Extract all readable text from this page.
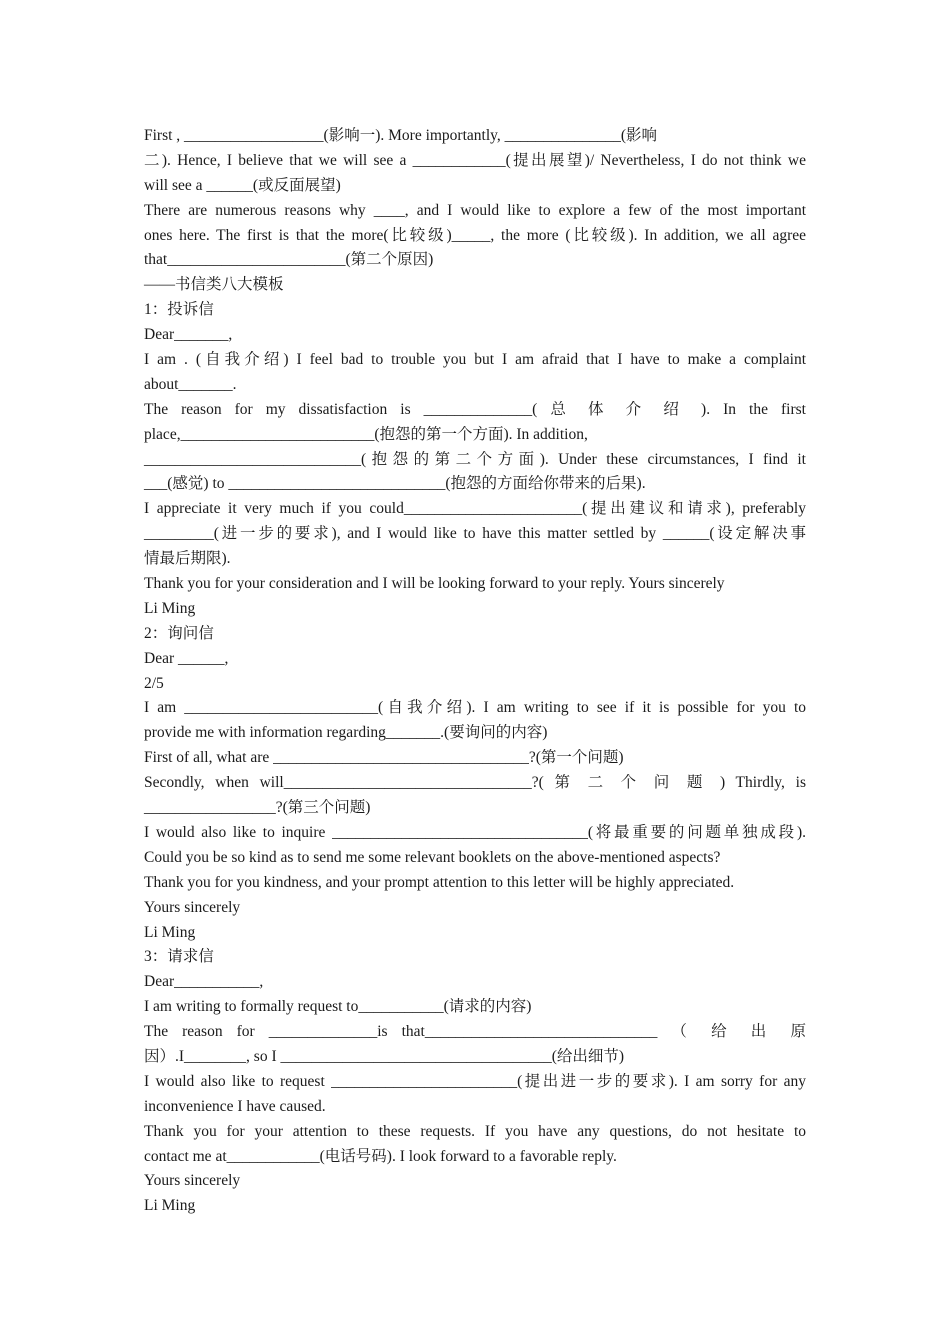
First , __________________(影响一). More importantly, _______________(影响
二). Hence, I believe that we will see a ____________(提出展望)/ Nevertheless, I do not think we
will see a ______(或反面展望)
There are numerous reasons why ____, and I would like to explore a few of the most important
ones here. The first is that the more(比较级)_____, the more (比较级). In addition, we all agree
that_______________________(第二个原因)
——书信类八大模板
1：投诉信
Dear_______,
I am . (自我介绍) I feel bad to trouble you but I am afraid that I have to make a complaint
about_______.
The reason for my dissatisfaction is ______________( 总 体 介 绍 ). In the first
place,_________________________(抱怨的第一个方面). In addition,
____________________________(抱怨的第二个方面). Under these circumstances, I find it
___(感觉) to ____________________________(抱怨的方面给你带来的后果).
I appreciate it very much if you could_______________________(提出建议和请求), preferably
_________(进一步的要求), and I would like to have this matter settled by ______(设定解决事
情最后期限).
Thank you for your consideration and I will be looking forward to your reply. Yours sincerely
Li Ming
2：询问信
Dear ______,
2/5
I am _________________________(自我介绍). I am writing to see if it is possible for you to
provide me with information regarding_______.(要询问的内容)
First of all, what are _________________________________?(第一个问题)
Secondly, when will________________________________?( 第 二 个 问 题 ) Thirdly, is
_________________?(第三个问题)
I would also like to inquire _________________________________(将最重要的问题单独成段).
Could you be so kind as to send me some relevant booklets on the above-mentioned aspects?
Thank you for you kindness, and your prompt attention to this letter will be highly appreciated.
Yours sincerely
Li Ming
3：请求信
Dear___________,
I am writing to formally request to___________(请求的内容)
The reason for ______________is that______________________________ （ 给 出 原
因）.I________, so I ___________________________________(给出细节)
I would also like to request ________________________(提出进一步的要求). I am sorry for any
inconvenience I have caused.
Thank you for your attention to these requests. If you have any questions, do not hesitate to
contact me at____________(电话号码). I look forward to a favorable reply.
Yours sincerely
Li Ming
